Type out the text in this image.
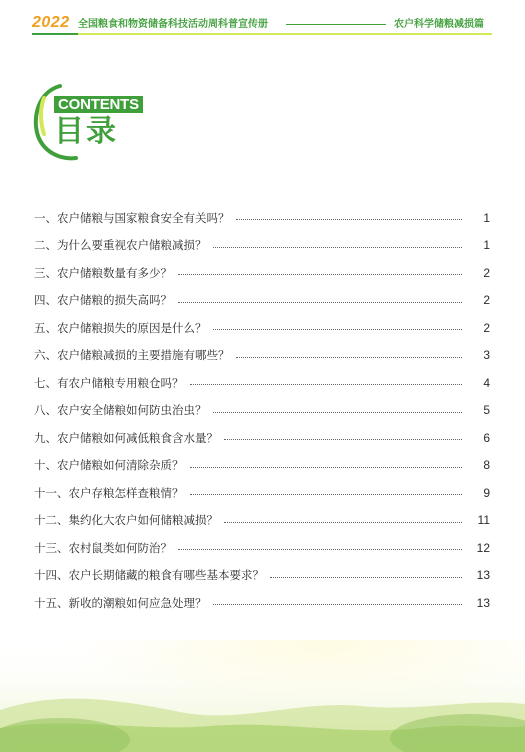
2022 全国粮食和物资储备科技活动周科普宣传册	农户科学储粮减损篇
CONTENTS
目录
一、农户储粮与国家粮食安全有关吗？	1
二、为什么要重视农户储粮减损？	1
三、农户储粮数量有多少？	2
四、农户储粮的损失高吗？	2
五、农户储粮损失的原因是什么？	2
六、农户储粮减损的主要措施有哪些？	3
七、有农户储粮专用粮仓吗？	4
八、农户安全储粮如何防虫治虫？	5
九、农户储粮如何减低粮食含水量？	6
十、农户储粮如何清除杂质？	8
十一、农户存粮怎样查粮情？	9
十二、集约化大农户如何储粮减损？	11
十三、农村鼠类如何防治？	12
十四、农户长期储藏的粮食有哪些基本要求？	13
十五、新收的潮粮如何应急处理？	13
